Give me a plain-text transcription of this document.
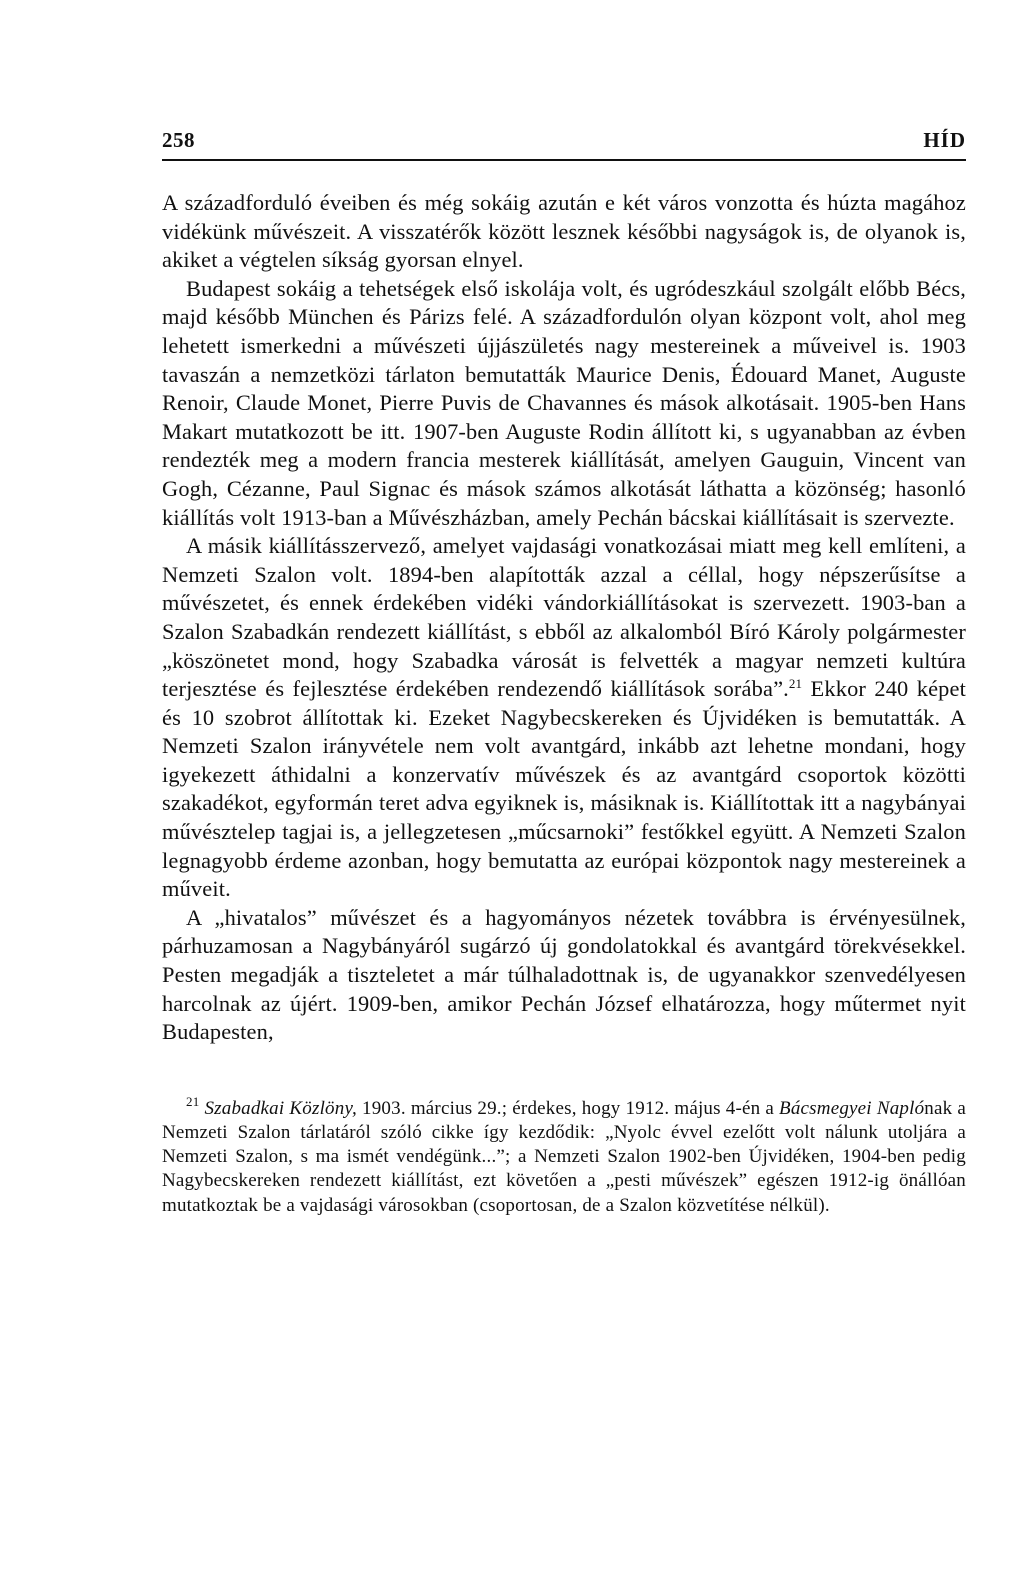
258	HÍD

A századforduló éveiben és még sokáig azután e két város vonzotta és húzta magához vidékünk művészeit. A visszatérők között lesznek későbbi nagyságok is, de olyanok is, akiket a végtelen síkság gyorsan elnyel.

Budapest sokáig a tehetségek első iskolája volt, és ugródeszkául szolgált előbb Bécs, majd később München és Párizs felé. A századfordulón olyan központ volt, ahol meg lehetett ismerkedni a művészeti újjászületés nagy mestereinek a műveivel is. 1903 tavaszán a nemzetközi tárlaton bemutatták Maurice Denis, Édouard Manet, Auguste Renoir, Claude Monet, Pierre Puvis de Chavannes és mások alkotásait. 1905-ben Hans Makart mutatkozott be itt. 1907-ben Auguste Rodin állított ki, s ugyanabban az évben rendezték meg a modern francia mesterek kiállítását, amelyen Gauguin, Vincent van Gogh, Cézanne, Paul Signac és mások számos alkotását láthatta a közönség; hasonló kiállítás volt 1913-ban a Művészházban, amely Pechán bácskai kiállításait is szervezte.

A másik kiállításszervező, amelyet vajdasági vonatkozásai miatt meg kell említeni, a Nemzeti Szalon volt. 1894-ben alapították azzal a céllal, hogy népszerűsítse a művészetet, és ennek érdekében vidéki vándorkiállításokat is szervezett. 1903-ban a Szalon Szabadkán rendezett kiállítást, s ebből az alkalomból Bíró Károly polgármester „köszönetet mond, hogy Szabadka városát is felvették a magyar nemzeti kultúra terjesztése és fejlesztése érdekében rendezendő kiállítások sorába”.$^{21}$ Ekkor 240 képet és 10 szobrot állítottak ki. Ezeket Nagybecskereken és Újvidéken is bemutatták. A Nemzeti Szalon irányvétele nem volt avantgárd, inkább azt lehetne mondani, hogy igyekezett áthidalni a konzervatív művészek és az avantgárd csoportok közötti szakadékot, egyformán teret adva egyiknek is, másiknak is. Kiállítottak itt a nagybányai művésztelep tagjai is, a jellegzetesen „műcsarnoki” festőkkel együtt. A Nemzeti Szalon legnagyobb érdeme azonban, hogy bemutatta az európai központok nagy mestereinek a műveit.

A „hivatalos” művészet és a hagyományos nézetek továbbra is érvényesülnek, párhuzamosan a Nagybányáról sugárzó új gondolatokkal és avantgárd törekvésekkel. Pesten megadják a tiszteletet a már túlhaladottnak is, de ugyanakkor szenvedélyesen harcolnak az újért. 1909-ben, amikor Pechán József elhatározza, hogy műtermet nyit Budapesten,

$^{21}$ Szabadkai Közlöny, 1903. március 29.; érdekes, hogy 1912. május 4-én a Bácsmegyei Naplónak a Nemzeti Szalon tárlatáról szóló cikke így kezdődik: „Nyolc évvel ezelőtt volt nálunk utoljára a Nemzeti Szalon, s ma ismét vendégünk...”; a Nemzeti Szalon 1902-ben Újvidéken, 1904-ben pedig Nagybecskereken rendezett kiállítást, ezt követően a „pesti művészek” egészen 1912-ig önállóan mutatkoztak be a vajdasági városokban (csoportosan, de a Szalon közvetítése nélkül).
